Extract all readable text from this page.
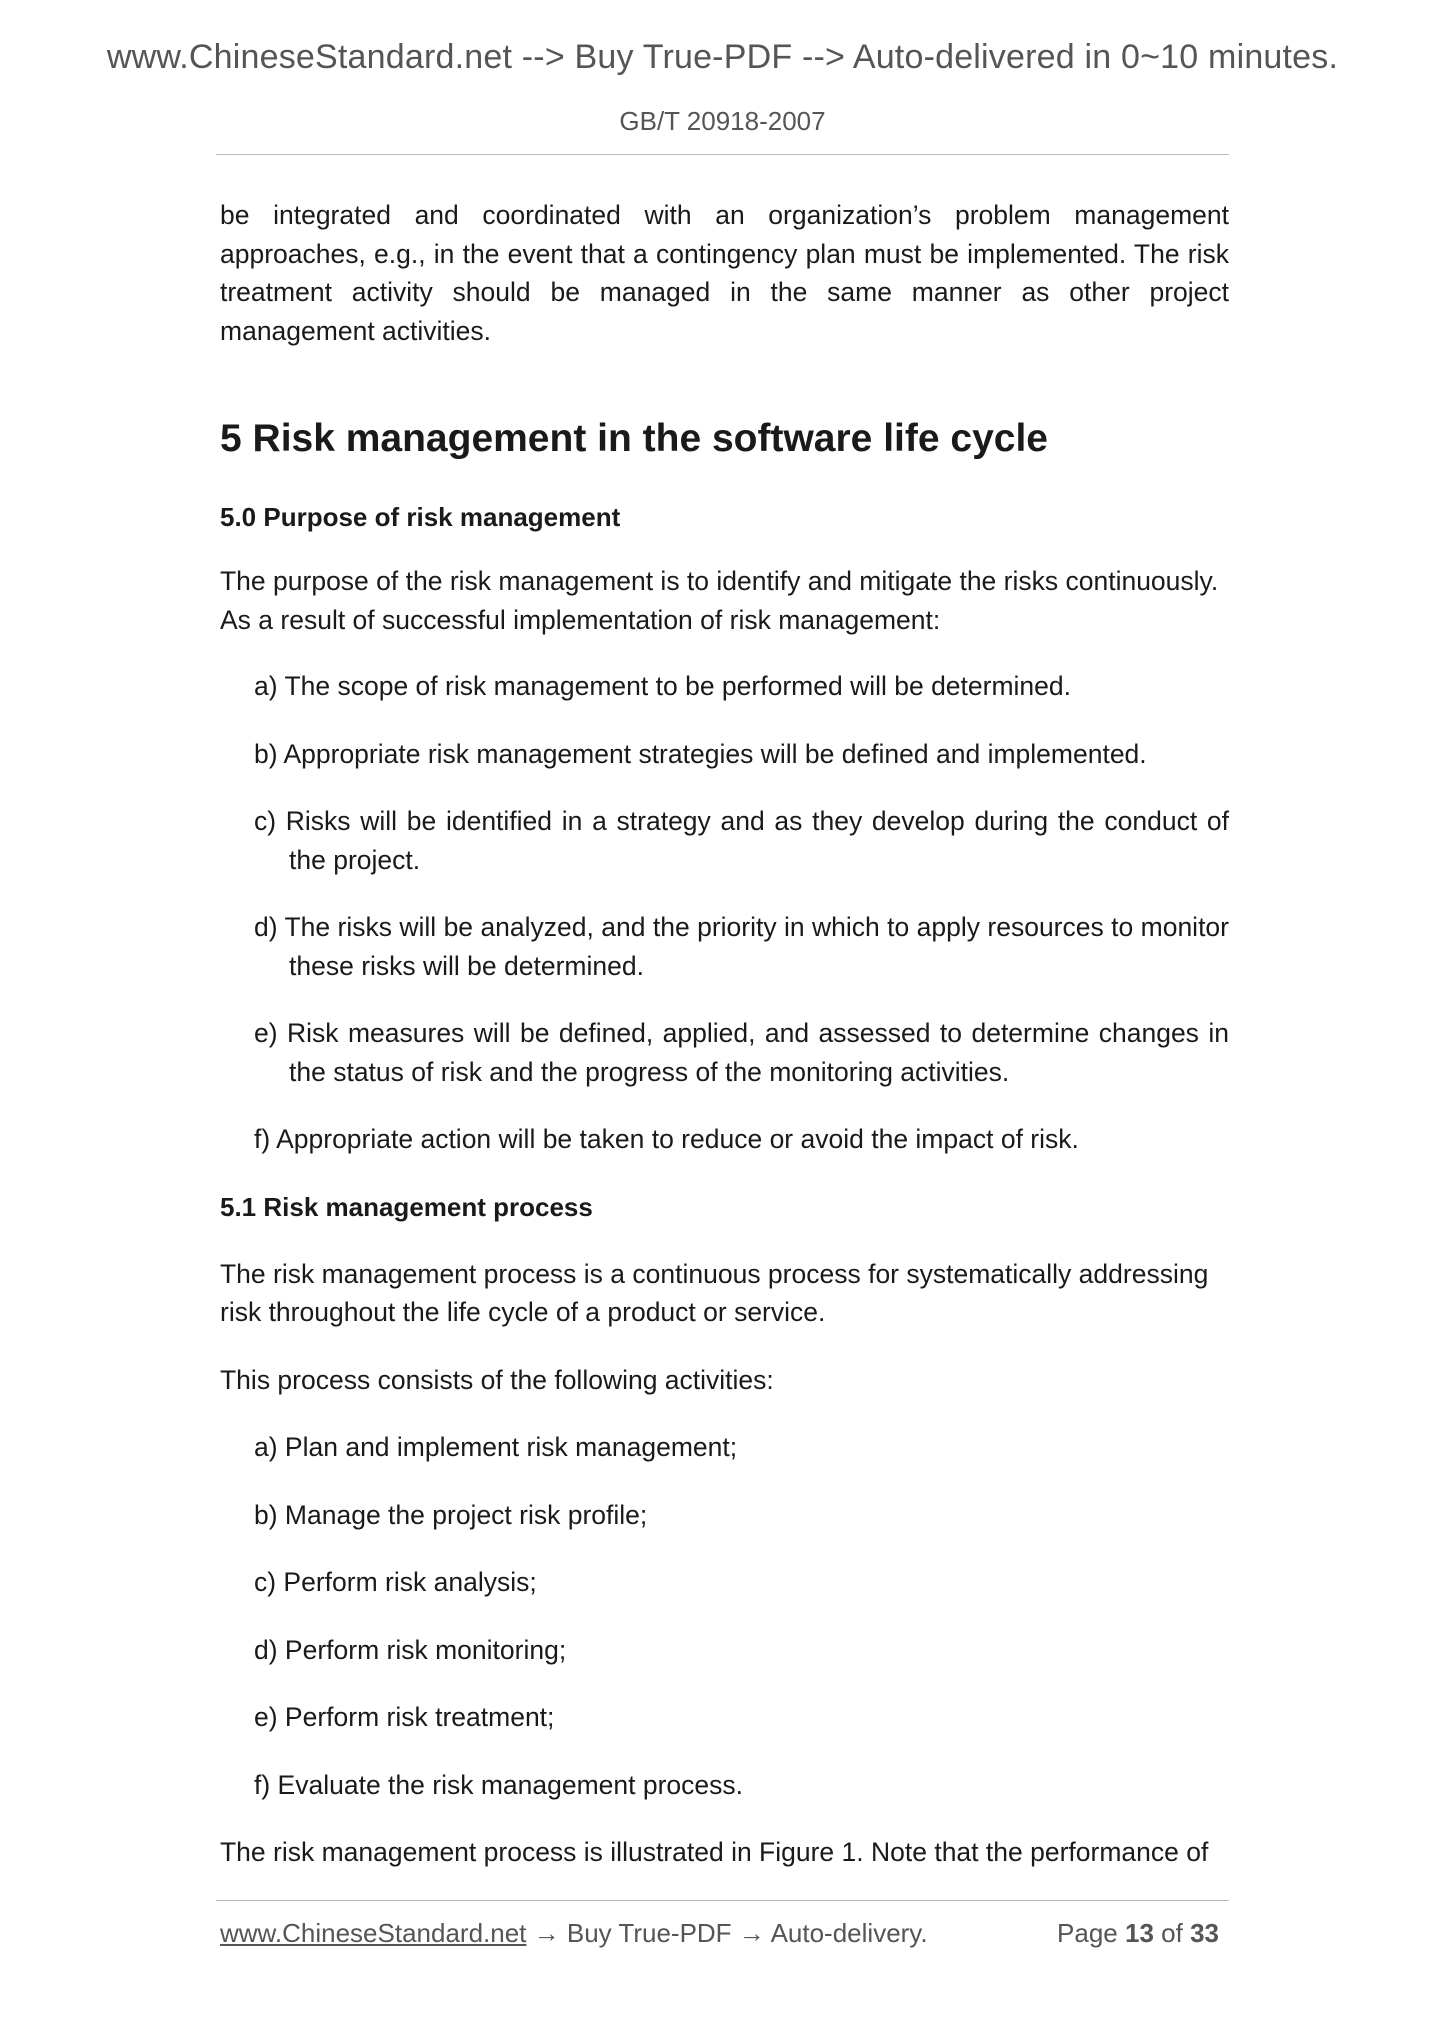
www.ChineseStandard.net --> Buy True-PDF --> Auto-delivered in 0~10 minutes.
GB/T 20918-2007

be integrated and coordinated with an organization’s problem management approaches, e.g., in the event that a contingency plan must be implemented. The risk treatment activity should be managed in the same manner as other project management activities.

5 Risk management in the software life cycle
5.0 Purpose of risk management

The purpose of the risk management is to identify and mitigate the risks continuously. As a result of successful implementation of risk management:

a) The scope of risk management to be performed will be determined.

b) Appropriate risk management strategies will be defined and implemented.

c) Risks will be identified in a strategy and as they develop during the conduct of the project.

d) The risks will be analyzed, and the priority in which to apply resources to monitor these risks will be determined.

e) Risk measures will be defined, applied, and assessed to determine changes in the status of risk and the progress of the monitoring activities.

f) Appropriate action will be taken to reduce or avoid the impact of risk.

5.1 Risk management process

The risk management process is a continuous process for systematically addressing risk throughout the life cycle of a product or service.

This process consists of the following activities:

a) Plan and implement risk management;

b) Manage the project risk profile;

c) Perform risk analysis;

d) Perform risk monitoring;

e) Perform risk treatment;

f) Evaluate the risk management process.

The risk management process is illustrated in Figure 1. Note that the performance of

www.ChineseStandard.net → Buy True-PDF → Auto-delivery.	Page 13 of 33
